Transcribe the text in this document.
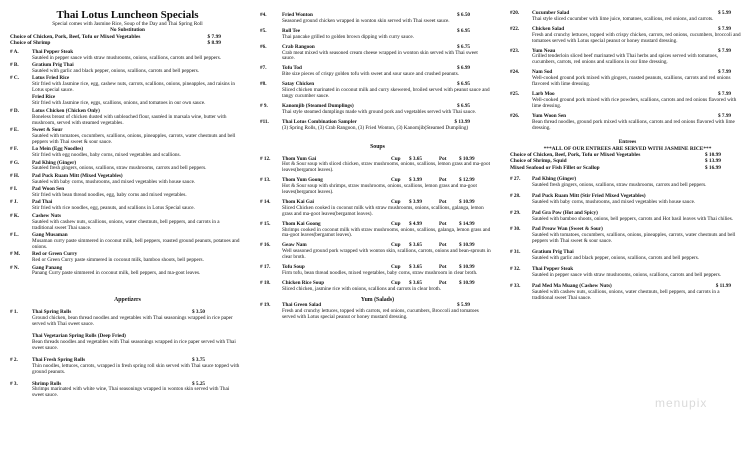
Thai Lotus Luncheon Specials
Special comes with Jasmine Rice, Soup of the Day and Thai Spring Roll
No Substitution
Choice of Chicken, Pork, Beef, Tofu or Mixed Vegetables	$ 7.99
Choice of Shrimp	$ 8.99
# A.	Thai Pepper Steak
Sautéed in pepper sauce with straw mushrooms, onions, scallions, carrots and bell peppers.
# B.	Gratium Prig Thai
Sautéed with garlic and black pepper, onions, scallions, carrots and bell peppers.
# C.	Lotus Fried Rice
Stir fried with Jasmine rice, egg, cashew nuts, carrots, scallions, onions, pineapples, and raisins in Lotus special sauce.
Fried Rice
Stir fried with Jasmine rice, eggs, scallions, onions, and tomatoes in our own sauce.
# D.	Lotus Chicken (Chicken Only)
Boneless breast of chicken dusted with unbleached flour, sautéed in marsala wine, butter with mushroom, served with steamed vegetables.
# E.	Sweet & Sour
Sautéed with tomatoes, cucumbers, scallions, onions, pineapples, carrots, water chestnuts and bell peppers with Thai sweet & sour sauce.
# F.	Lo Mein (Egg Noodles)
Stir fried with egg noodles, baby corns, mixed vegetables and scallions.
# G.	Pad Khing (Ginger)
Sautéed fresh gingers, onions, scallions, straw mushrooms, carrots and bell peppers.
# H.	Pad Puck Ruam Mitt (Mixed Vegetables)
Sautéed with baby corns, mushrooms, and mixed vegetables with house sauce.
# I.	Pad Woon Sen
Stir fried with bean thread noodles, egg, baby corns and mixed vegetables.
# J.	Pad Thai
Stir fried with rice noodles, egg, peanuts, and scallions in Lotus Special sauce.
# K.	Cashew Nuts
Sautéed with cashew nuts, scallions, onions, water chestnuts, bell peppers, and carrots in a traditional sweet Thai sauce.
# L.	Gang Musaman
Musaman curry paste simmered in coconut milk, bell peppers, roasted ground peanuts, potatoes and onions.
# M.	Red or Green Curry
Red or Green Curry paste simmered in coconut milk, bamboo shoots, bell peppers.
# N.	Gang Panang
Panang Curry paste simmered in coconut milk, bell peppers, and ma-goot leaves.
Appetizers
# 1.	Thai Spring Rolls	$ 3.50
Ground chicken, bean thread noodles and vegetables with Thai seasonings wrapped in rice paper served with Thai sweet sauce.
Thai Vegetarian Spring Rolls (Deep Fried)
Bean threads noodles and vegetables with Thai seasonings wrapped in rice paper served with Thai sweet sauce.
# 2.	Thai Fresh Spring Rolls	$ 3.75
Thin noodles, lettuces, carrots, wrapped in fresh spring roll skin served with Thai sauce topped with ground peanuts.
# 3.	Shrimp Rolls	$ 5.25
Shrimps marinated with white wine, Thai seasonings wrapped in wonton skin served with Thai sweet sauce.
#4.	Fried Wonton	$ 6.50
Seasoned ground chicken wrapped in wonton skin served with Thai sweet sauce.
#5.	Roll Tee	$ 6.95
Thai pancake grilled to golden brown dipping with curry sauce.
#6.	Crab Rangoon	$ 6.75
Crab meat mixed with seasoned cream cheese wrapped in wonton skin served with Thai sweet sauce.
#7.	Tofu Tod	$ 6.99
Bite size pieces of crispy golden tofu with sweet and sour sauce and crushed peanuts.
#8.	Satay Chicken	$ 6.95
Sliced chicken marinated in coconut milk and curry skewered, broiled served with peanut sauce and tangy cucumber sauce.
# 9.	Kanomjib (Steamed Dumplings)	$ 6.95
Thai style steamed dumplings made with ground pork and vegetables served with Thai sauce.
#11.	Thai Lotus Combination Sampler	$ 13.99
(3) Spring Rolls, (3) Crab Rangoon, (3) Fried Wonton, (3) Kanomjib(Steamed Dumpling)
Soups
# 12.	Thom Yum Gai	Cup	$ 3.65	Pot	$ 10.99
Hot & Sour soup with sliced chicken, straw mushrooms, onions, scallions, lemon grass and ma-goot leaves(bergamot leaves).
# 13.	Thom Yum Goong	Cup	$ 3.99	Pot	$ 12.99
Hot & Sour soup with shrimps, straw mushrooms, onions, scallions, lemon grass and ma-goot leaves(bergamot leaves).
# 14.	Thom Kai Gai	Cup	$ 3.99	Pot	$ 10.99
Sliced Chicken cooked in coconut milk with straw mushrooms, onions, scallions, galanga, lemon grass and ma-goot leaves(bergamot leaves).
# 15.	Thom Kai Goong	Cup	$ 4.99	Pot	$ 14.99
Shrimps cooked in coconut milk with straw mushrooms, onions, scallions, galanga, lemon grass and ma-goot leaves(bergamot leaves).
# 16.	Geaw Nam	Cup	$ 3.65	Pot	$ 10.99
Well seasoned ground pork wrapped with wonton skin, scallions, carrots, onions and bean-sprouts in clear broth.
# 17.	Tofu Soup	Cup	$ 3.65	Pot	$ 10.99
Firm tofu, bean thread noodles, mixed vegetables, baby corns, straw mushroom in clear broth.
# 18.	Chicken Rice Soup	Cup	$ 3.65	Pot	$ 10.99
Sliced chicken, jasmine rice with onions, scallions and carrots in clear broth.
Yum (Salads)
# 19.	Thai Green Salad	$ 5.99
Fresh and crunchy lettuces, topped with carrots, red onions, cucumbers, Broccoli and tomatoes served with Lotus special peanut or honey mustard dressing.
#20.	Cucumber Salad	$ 5.99
Thai style sliced cucumber with lime juice, tomatoes, scallions, red onions, and carrots.
#22.	Chicken Salad	$ 7.99
Fresh and crunchy lettuces, topped with crispy chicken, carrots, red onions, cucumbers, broccoli and tomatoes served with Lotus special peanut or honey mustard dressing.
#23.	Yum Neau	$ 7.99
Grilled tenderloin sliced beef marinated with Thai herbs and spices served with tomatoes, cucumbers, carrots, red onions and scallions in our lime dressing.
#24.	Nam Sod	$ 7.99
Well-cooked ground pork mixed with gingers, roasted peanuts, scallions, carrots and red onions flavored with lime dressing.
#25.	Larb Moo	$ 7.99
Well-cooked ground pork mixed with rice powders, scallions, carrots and red onions flavored with lime dressing.
#26.	Yum Woon Sen	$ 7.99
Bean thread noodles, ground pork mixed with scallions, carrots and red onions flavored with lime dressing.
Entrees
***ALL OF OUR ENTREES ARE SERVED WITH JASMINE RICE***
Choice of Chicken, Beef, Pork, Tofu or Mixed Vegetables	$ 10.99
Choice of Shrimp, Squid	$ 13.99
Mixed Seafood or Fish Fillet or Scallop	$ 16.99
# 27.	Pad Khing (Ginger)
Sautéed fresh gingers, onions, scallions, straw mushrooms, carrots and bell peppers.
# 28.	Pad Puck Ruam Mitt (Stir Fried Mixed Vegetables)
Sautéed with baby corns, mushrooms, and mixed vegetables with house sauce.
# 29.	Pad Gra Pow (Hot and Spicy)
Sautéed with bamboo shoots, onions, bell peppers, carrots and Hot basil leaves with Thai chilies.
# 30.	Pad Preaw Wan (Sweet & Sour)
Sautéed with tomatoes, cucumbers, scallions, onions, pineapples, carrots, water chestnuts and bell peppers with Thai sweet & sour sauce.
# 31.	Gratium Prig Thai
Sautéed with garlic and black pepper, onions, scallions, carrots and bell peppers.
# 32.	Thai Pepper Steak
Sautéed in pepper sauce with straw mushrooms, onions, scallions, carrots and bell peppers.
# 33.	Pad Med Ma Muang (Cashew Nuts)	$ 11.99
Sautéed with cashew nuts, scallions, onions, water chestnuts, bell peppers, and carrots in a traditional sweet Thai sauce.
menupix
